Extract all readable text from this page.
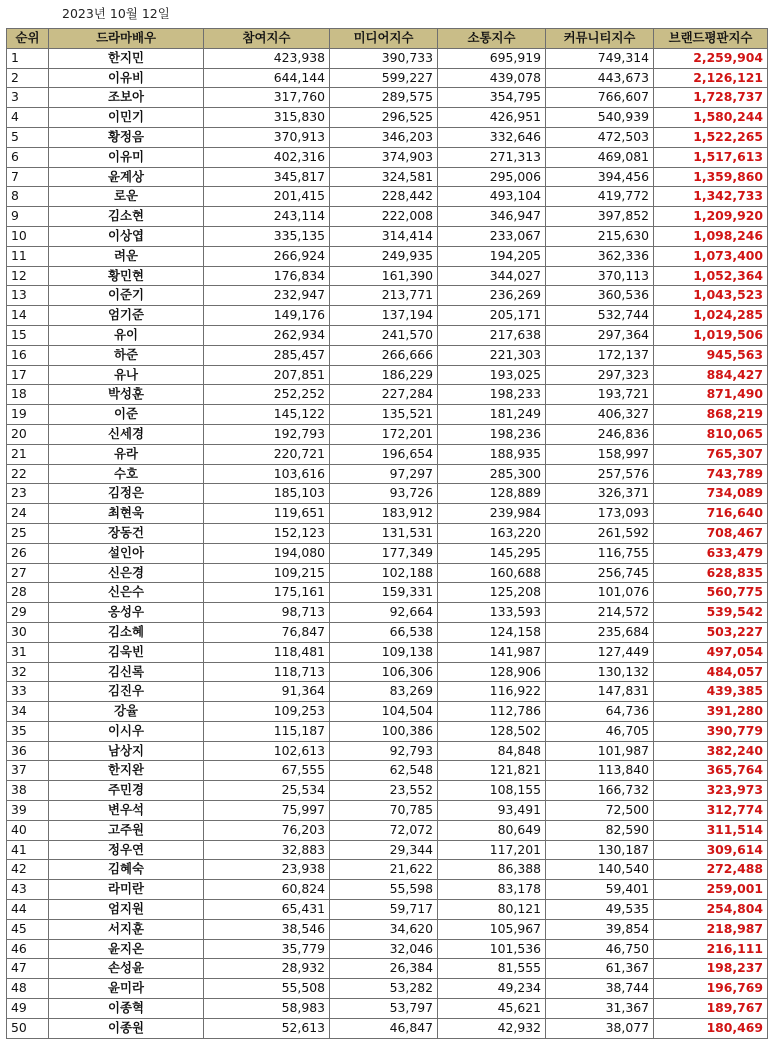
2023년 10월 12일
순위	드라마배우	참여지수	미디어지수	소통지수	커뮤니티지수	브랜드평판지수
1	한지민	423,938	390,733	695,919	749,314	2,259,904
2	이유비	644,144	599,227	439,078	443,673	2,126,121
3	조보아	317,760	289,575	354,795	766,607	1,728,737
4	이민기	315,830	296,525	426,951	540,939	1,580,244
5	황정음	370,913	346,203	332,646	472,503	1,522,265
6	이유미	402,316	374,903	271,313	469,081	1,517,613
7	윤계상	345,817	324,581	295,006	394,456	1,359,860
8	로운	201,415	228,442	493,104	419,772	1,342,733
9	김소현	243,114	222,008	346,947	397,852	1,209,920
10	이상엽	335,135	314,414	233,067	215,630	1,098,246
11	려운	266,924	249,935	194,205	362,336	1,073,400
12	황민현	176,834	161,390	344,027	370,113	1,052,364
13	이준기	232,947	213,771	236,269	360,536	1,043,523
14	엄기준	149,176	137,194	205,171	532,744	1,024,285
15	유이	262,934	241,570	217,638	297,364	1,019,506
16	하준	285,457	266,666	221,303	172,137	945,563
17	유나	207,851	186,229	193,025	297,323	884,427
18	박성훈	252,252	227,284	198,233	193,721	871,490
19	이준	145,122	135,521	181,249	406,327	868,219
20	신세경	192,793	172,201	198,236	246,836	810,065
21	유라	220,721	196,654	188,935	158,997	765,307
22	수호	103,616	97,297	285,300	257,576	743,789
23	김정은	185,103	93,726	128,889	326,371	734,089
24	최현욱	119,651	183,912	239,984	173,093	716,640
25	장동건	152,123	131,531	163,220	261,592	708,467
26	설인아	194,080	177,349	145,295	116,755	633,479
27	신은경	109,215	102,188	160,688	256,745	628,835
28	신은수	175,161	159,331	125,208	101,076	560,775
29	옹성우	98,713	92,664	133,593	214,572	539,542
30	김소혜	76,847	66,538	124,158	235,684	503,227
31	김욱빈	118,481	109,138	141,987	127,449	497,054
32	김신록	118,713	106,306	128,906	130,132	484,057
33	김진우	91,364	83,269	116,922	147,831	439,385
34	강율	109,253	104,504	112,786	64,736	391,280
35	이시우	115,187	100,386	128,502	46,705	390,779
36	남상지	102,613	92,793	84,848	101,987	382,240
37	한지완	67,555	62,548	121,821	113,840	365,764
38	주민경	25,534	23,552	108,155	166,732	323,973
39	변우석	75,997	70,785	93,491	72,500	312,774
40	고주원	76,203	72,072	80,649	82,590	311,514
41	정우연	32,883	29,344	117,201	130,187	309,614
42	김혜숙	23,938	21,622	86,388	140,540	272,488
43	라미란	60,824	55,598	83,178	59,401	259,001
44	엄지원	65,431	59,717	80,121	49,535	254,804
45	서지훈	38,546	34,620	105,967	39,854	218,987
46	윤지온	35,779	32,046	101,536	46,750	216,111
47	손성윤	28,932	26,384	81,555	61,367	198,237
48	윤미라	55,508	53,282	49,234	38,744	196,769
49	이종혁	58,983	53,797	45,621	31,367	189,767
50	이종원	52,613	46,847	42,932	38,077	180,469
